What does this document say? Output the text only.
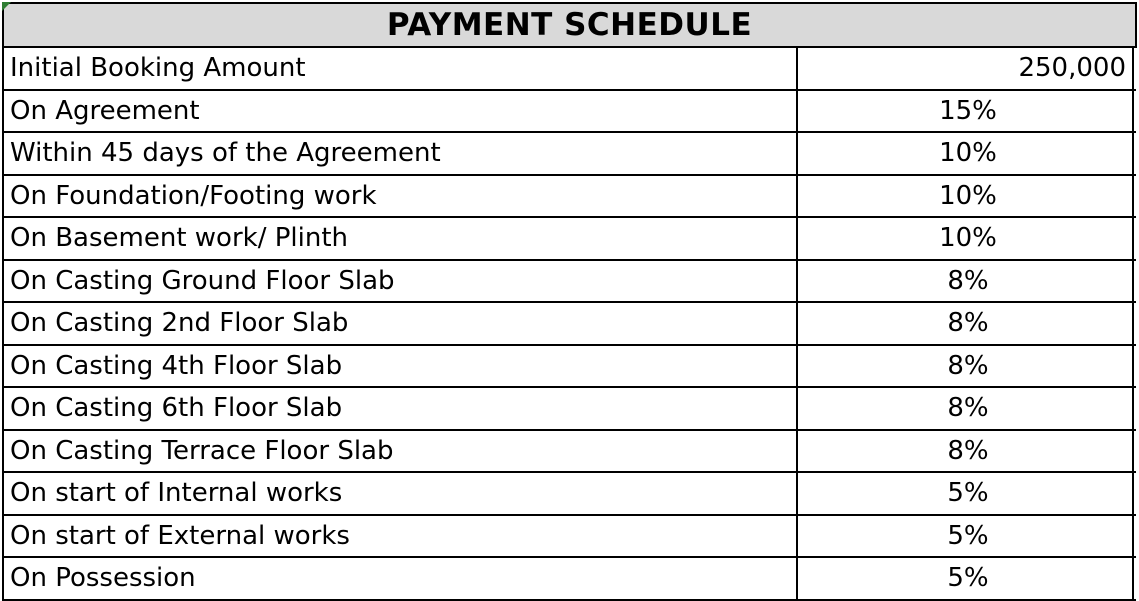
PAYMENT SCHEDULE
Initial Booking Amount	250,000
On Agreement	15%
Within 45 days of the Agreement	10%
On Foundation/Footing work	10%
On Basement work/ Plinth	10%
On Casting Ground Floor Slab	8%
On Casting 2nd Floor Slab	8%
On Casting 4th Floor Slab	8%
On Casting 6th Floor Slab	8%
On Casting Terrace Floor Slab	8%
On start of Internal works	5%
On start of External works	5%
On Possession	5%
